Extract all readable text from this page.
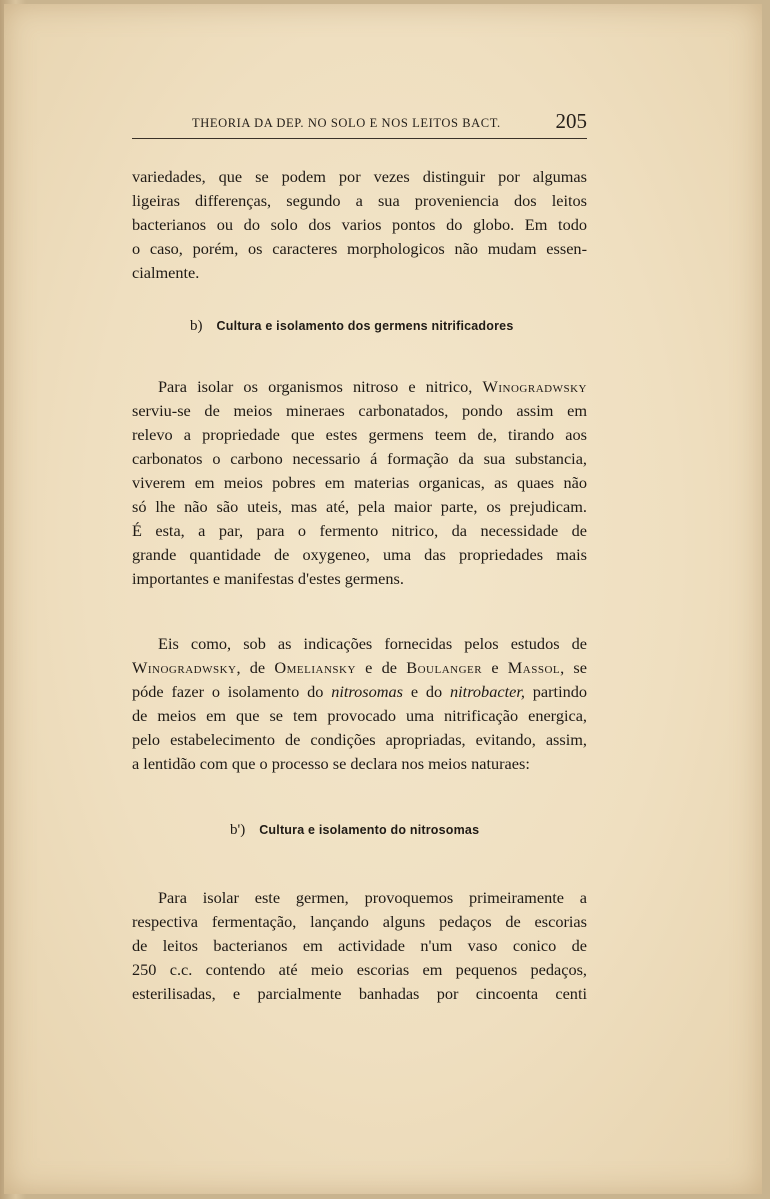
THEORIA DA DEP. NO SOLO E NOS LEITOS BACT.	205
variedades, que se podem por vezes distinguir por algumas
ligeiras differenças, segundo a sua proveniencia dos leitos
bacterianos ou do solo dos varios pontos do globo. Em todo
o caso, porém, os caracteres morphologicos não mudam essen-
cialmente.
b) Cultura e isolamento dos germens nitrificadores
Para isolar os organismos nitroso e nitrico, Winogradwsky
serviu-se de meios mineraes carbonatados, pondo assim em
relevo a propriedade que estes germens teem de, tirando aos
carbonatos o carbono necessario á formação da sua substancia,
viverem em meios pobres em materias organicas, as quaes não
só lhe não são uteis, mas até, pela maior parte, os prejudicam.
É esta, a par, para o fermento nitrico, da necessidade de
grande quantidade de oxygeneo, uma das propriedades mais
importantes e manifestas d'estes germens.
Eis como, sob as indicações fornecidas pelos estudos de
Winogradwsky, de Omeliansky e de Boulanger e Massol, se
póde fazer o isolamento do nitrosomas e do nitrobacter, partindo
de meios em que se tem provocado uma nitrificação energica,
pelo estabelecimento de condições apropriadas, evitando, assim,
a lentidão com que o processo se declara nos meios naturaes:
b') Cultura e isolamento do nitrosomas
Para isolar este germen, provoquemos primeiramente a
respectiva fermentação, lançando alguns pedaços de escorias
de leitos bacterianos em actividade n'um vaso conico de
250 c.c. contendo até meio escorias em pequenos pedaços,
esterilisadas, e parcialmente banhadas por cincoenta centi
